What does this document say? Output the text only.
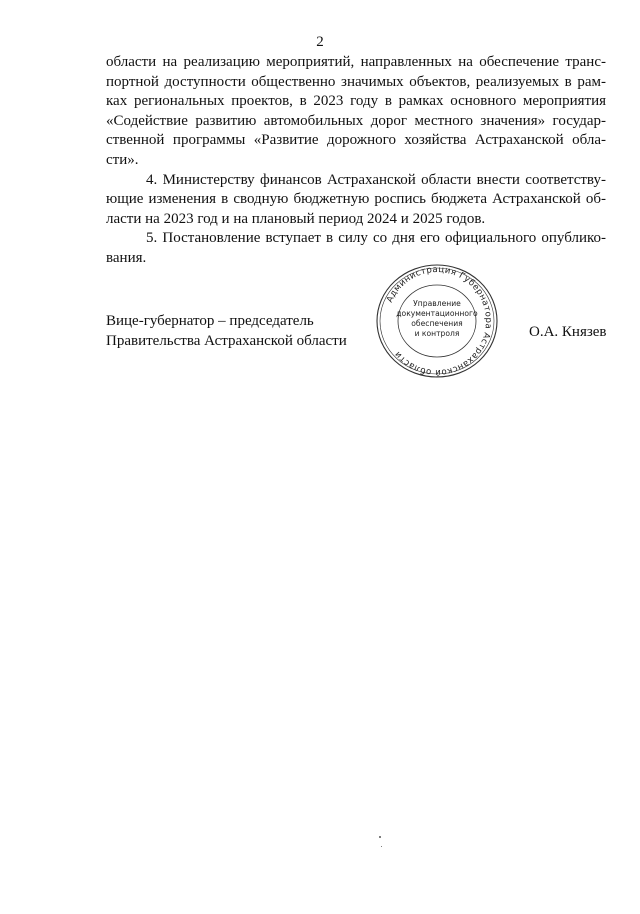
2
области на реализацию мероприятий, направленных на обеспечение транс-
портной доступности общественно значимых объектов, реализуемых в рам-
ках региональных проектов, в 2023 году в рамках основного мероприятия
«Содействие развитию автомобильных дорог местного значения» государ-
ственной программы «Развитие дорожного хозяйства Астраханской обла-
сти».
4. Министерству финансов Астраханской области внести соответству-
ющие изменения в сводную бюджетную роспись бюджета Астраханской об-
ласти на 2023 год и на плановый период 2024 и 2025 годов.
5. Постановление вступает в силу со дня его официального опублико-
вания.
Вице-губернатор – председатель
Правительства Астраханской области
Администрация Губернатора Астраханской области
Управление
документационного
обеспечения
и контроля	О.А. Князев
